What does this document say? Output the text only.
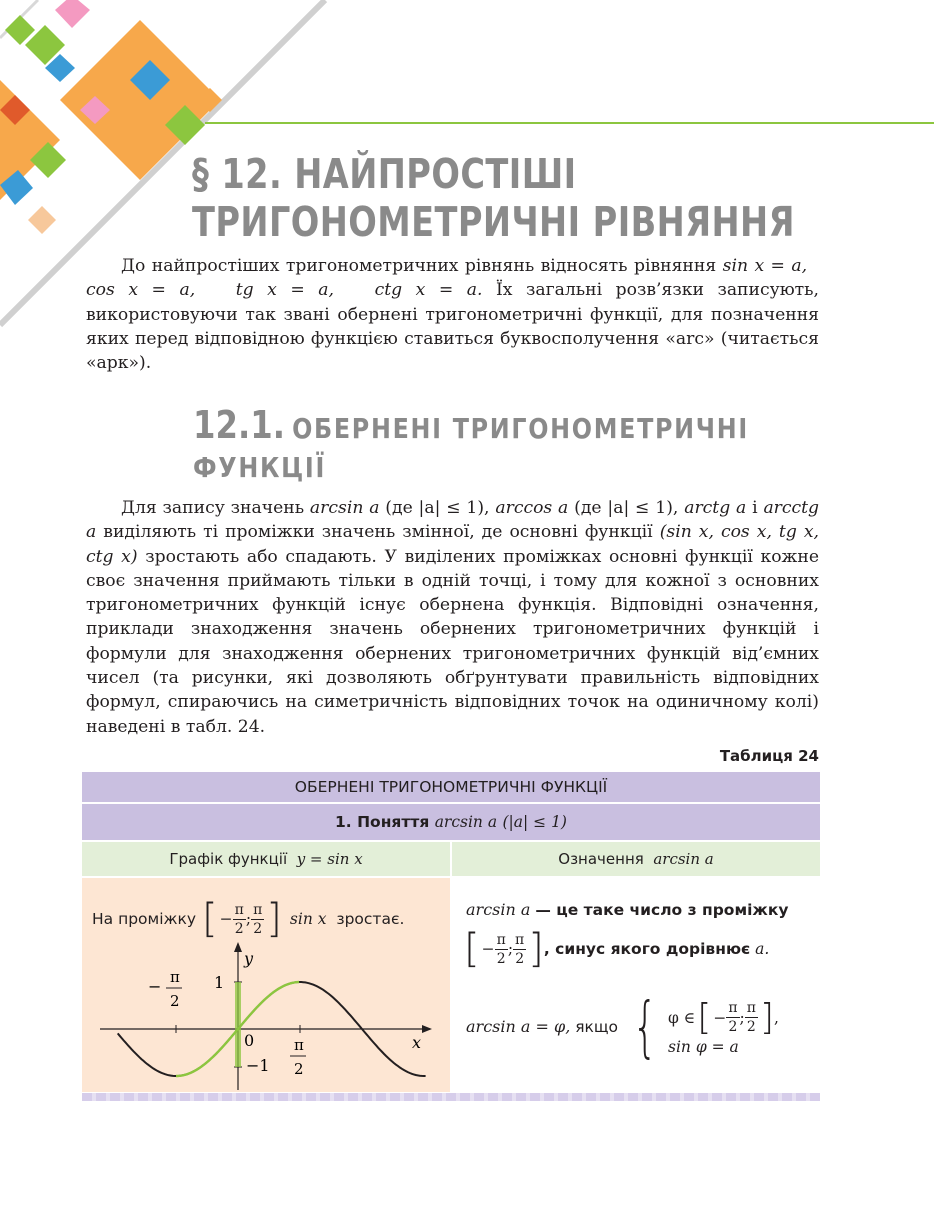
§ 12. НАЙПРОСТІШІ
ТРИГОНОМЕТРИЧНІ РІВНЯННЯ

До найпростіших тригонометричних рівнянь відносять рівняння sin x = a,   cos x = a, tg x = a, ctg x = a. Їх загальні розв’язки записують, використовуючи так звані обернені тригонометричні функції, для позначення яких перед відповідною функцією ставиться буквосполучення «arc» (читається «арк»).

12.1. ОБЕРНЕНІ ТРИГОНОМЕТРИЧНІ
ФУНКЦІЇ

Для запису значень arcsin a (де |a| ≤ 1), arccos a (де |a| ≤ 1), arctg a і arcctg a виділяють ті проміжки значень змінної, де основні функції (sin x, cos x, tg x, ctg x) зростають або спадають. У виділених проміжках основні функції кожне своє значення приймають тільки в одній точці, і тому для кожної з основних тригонометричних функцій існує обернена функція. Відповідні означення, приклади знаходження значень обернених тригонометричних функцій і формули для знаходження обернених тригонометричних функцій від’ємних чисел (та рисунки, які дозволяють обґрунтувати правильність відповідних формул, спираючись на симетричність відповідних точок на одиничному колі) наведені в табл. 24.

Таблиця 24
ОБЕРНЕНІ ТРИГОНОМЕТРИЧНІ ФУНКЦІЇ
1. Поняття
arcsin a
(|a| ≤ 1)
Графік функції
y = sin x	Означення
arcsin a
На проміжку [ − $\frac{\pi}{2}$ ; $\frac{\pi}{2}$ ] sin x
зростає.
y
x
1
0
−1
− π
2
π
2
arcsin a — це таке число з проміжку
[ − $\frac{\pi}{2}$ ; $\frac{\pi}{2}$ ] , синус якого дорівнює
a.
arcsin a = φ,
якщо { φ ∈ [ − $\frac{\pi}{2}$ ; $\frac{\pi}{2}$ ] ,
sin φ = a
